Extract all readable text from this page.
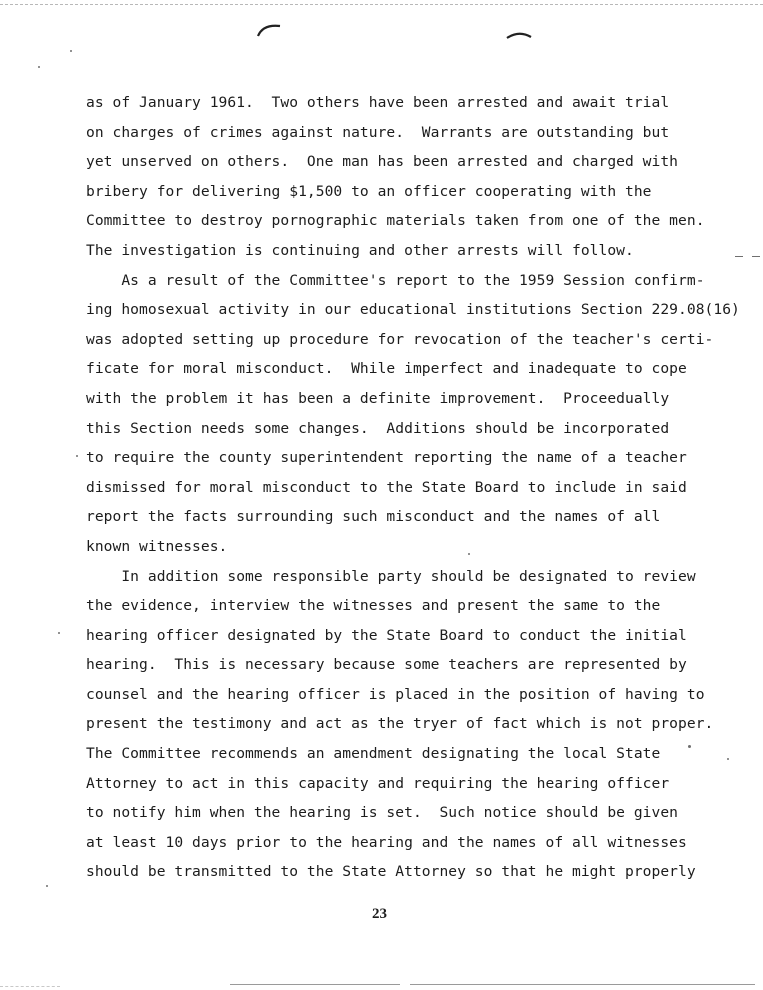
as of January 1961.  Two others have been arrested and await trial
on charges of crimes against nature.  Warrants are outstanding but
yet unserved on others.  One man has been arrested and charged with
bribery for delivering $1,500 to an officer cooperating with the
Committee to destroy pornographic materials taken from one of the men.
The investigation is continuing and other arrests will follow.
As a result of the Committee's report to the 1959 Session confirm-
ing homosexual activity in our educational institutions Section 229.08(16)
was adopted setting up procedure for revocation of the teacher's certi-
ficate for moral misconduct.  While imperfect and inadequate to cope
with the problem it has been a definite improvement.  Proceedually
this Section needs some changes.  Additions should be incorporated
to require the county superintendent reporting the name of a teacher
dismissed for moral misconduct to the State Board to include in said
report the facts surrounding such misconduct and the names of all
known witnesses.
In addition some responsible party should be designated to review
the evidence, interview the witnesses and present the same to the
hearing officer designated by the State Board to conduct the initial
hearing.  This is necessary because some teachers are represented by
counsel and the hearing officer is placed in the position of having to
present the testimony and act as the tryer of fact which is not proper.
The Committee recommends an amendment designating the local State
Attorney to act in this capacity and requiring the hearing officer
to notify him when the hearing is set.  Such notice should be given
at least 10 days prior to the hearing and the names of all witnesses
should be transmitted to the State Attorney so that he might properly
23
